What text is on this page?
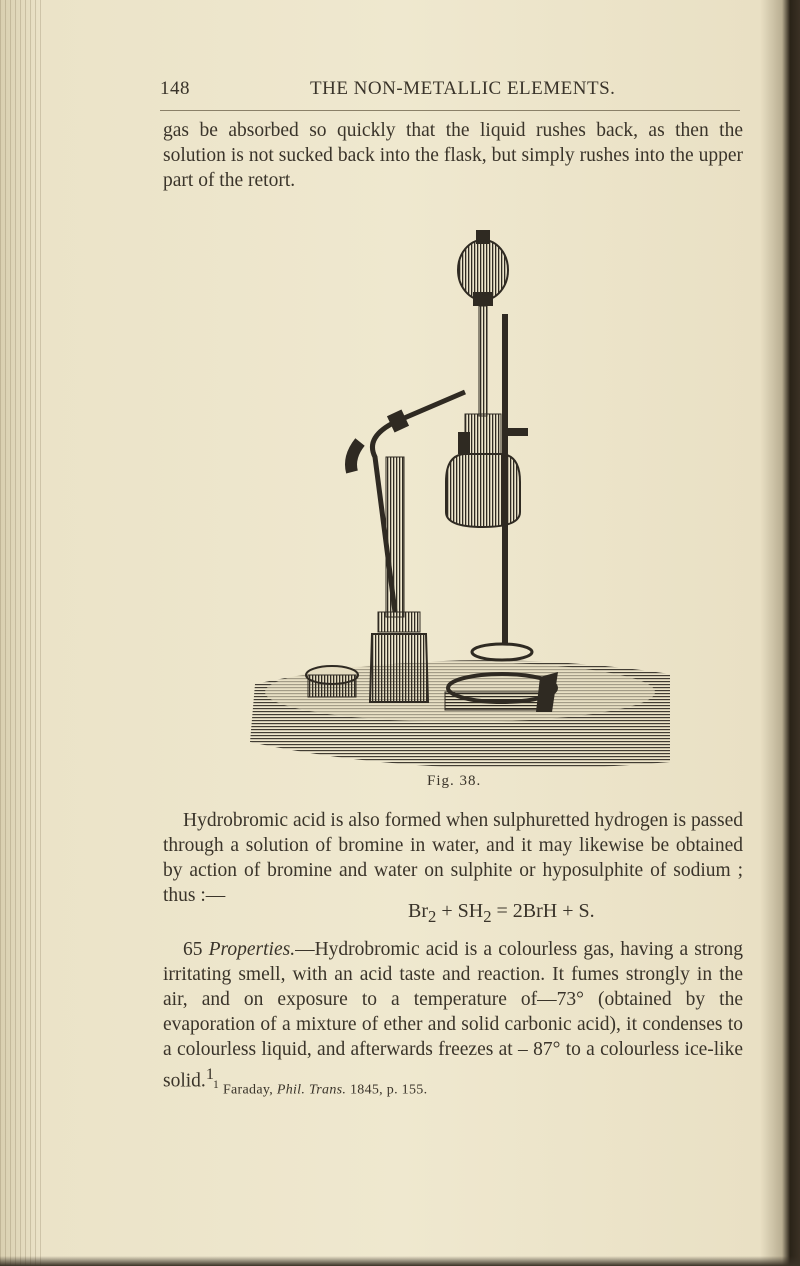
148	THE NON-METALLIC ELEMENTS.

gas be absorbed so quickly that the liquid rushes back, as then the solution is not sucked back into the flask, but simply rushes into the upper part of the retort.

Fig. 38.

Hydrobromic acid is also formed when sulphuretted hydrogen is passed through a solution of bromine in water, and it may likewise be obtained by action of bromine and water on sulphite or hyposulphite of sodium ; thus :—

$Br_2 + SH_2 = 2BrH + S$.

65 Properties.—Hydrobromic acid is a colourless gas, having a strong irritating smell, with an acid taste and reaction. It fumes strongly in the air, and on exposure to a temperature of—73° (obtained by the evaporation of a mixture of ether and solid carbonic acid), it condenses to a colourless liquid, and afterwards freezes at – 87° to a colourless ice-like solid.$^1$

$^1$ Faraday, Phil. Trans. 1845, p. 155.
